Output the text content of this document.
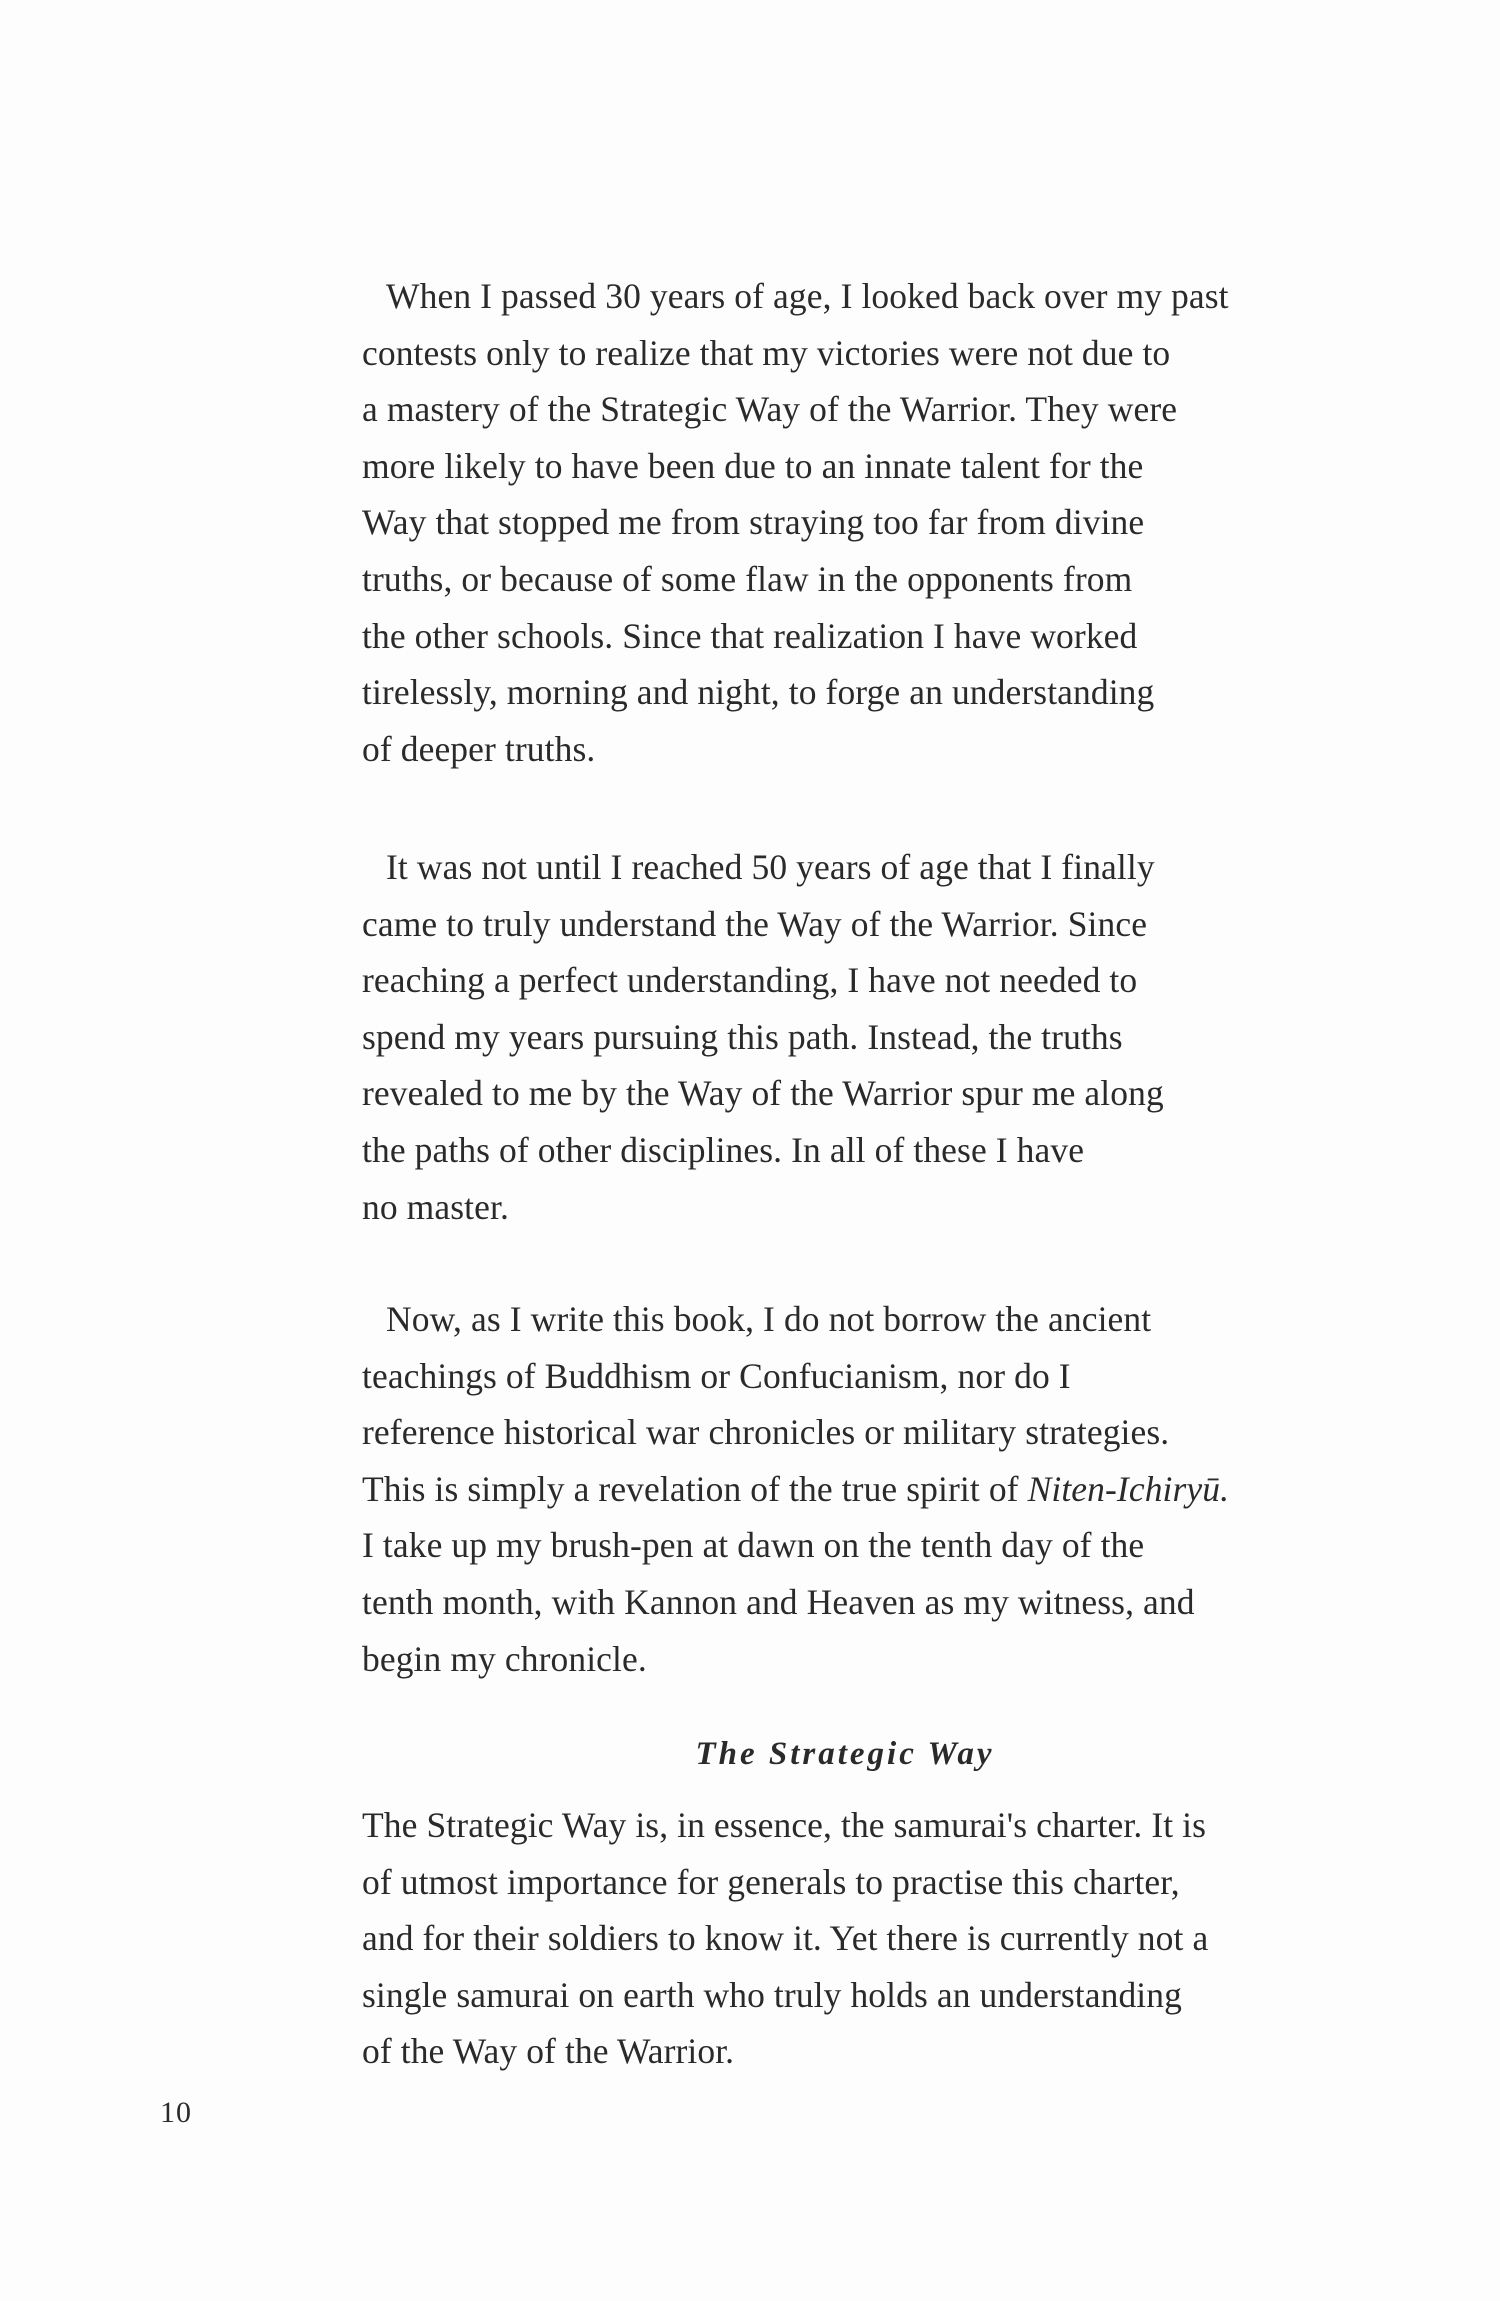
When I passed 30 years of age, I looked back over my past
contests only to realize that my victories were not due to
a mastery of the Strategic Way of the Warrior. They were
more likely to have been due to an innate talent for the
Way that stopped me from straying too far from divine
truths, or because of some flaw in the opponents from
the other schools. Since that realization I have worked
tirelessly, morning and night, to forge an understanding
of deeper truths.
It was not until I reached 50 years of age that I finally
came to truly understand the Way of the Warrior. Since
reaching a perfect understanding, I have not needed to
spend my years pursuing this path. Instead, the truths
revealed to me by the Way of the Warrior spur me along
the paths of other disciplines. In all of these I have
no master.
Now, as I write this book, I do not borrow the ancient
teachings of Buddhism or Confucianism, nor do I
reference historical war chronicles or military strategies.
This is simply a revelation of the true spirit of Niten-Ichiryū.
I take up my brush-pen at dawn on the tenth day of the
tenth month, with Kannon and Heaven as my witness, and
begin my chronicle.
The Strategic Way
The Strategic Way is, in essence, the samurai's charter. It is
of utmost importance for generals to practise this charter,
and for their soldiers to know it. Yet there is currently not a
single samurai on earth who truly holds an understanding
of the Way of the Warrior.
10
